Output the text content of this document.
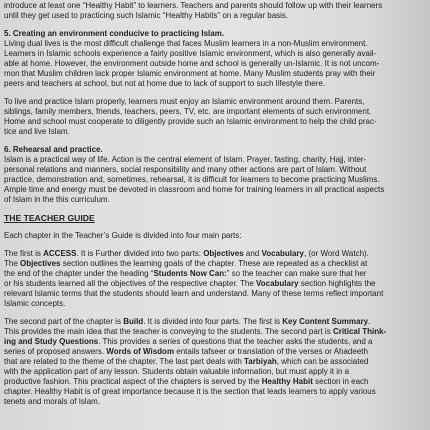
introduce at least one “Healthy Habit” to learners. Teachers and parents should follow up with their learners

until they get used to practicing such Islamic “Healthy Habits” on a regular basis.

5. Creating an environment conducive to practicing Islam.

Living dual lives is the most difficult challenge that faces Muslim learners in a non-Muslim environment.

Learners in Islamic schools experience a fairly positive Islamic environment, which is also generally avail-

able at home. However, the environment outside home and school is generally un-Islamic. It is not uncom-

mon that Muslim children lack proper Islamic environment at home. Many Muslim students pray with their

peers and teachers at school, but not at home due to lack of support to such lifestyle there.

To live and practice Islam properly, learners must enjoy an Islamic environment around them. Parents,

siblings, family members, friends, teachers, peers, TV, etc. are important elements of such environment.

Home and school must cooperate to diligently provide such an Islamic environment to help the child prac-

tice and live Islam.

6. Rehearsal and practice.

Islam is a practical way of life. Action is the central element of Islam. Prayer, fasting, charity, Hajj, inter-

personal relations and manners, social responsibility and many other actions are part of Islam. Without

practice, demonstration and, sometimes, rehearsal, it is difficult for learners to become practicing Muslims.

Ample time and energy must be devoted in classroom and home for training learners in all practical aspects

of Islam in the this curriculum.

THE TEACHER GUIDE

Each chapter in the Teacher’s Guide is divided into four main parts:

The first is ACCESS. It is Further divided into two parts: Objectives and Vocabulary, (or Word Watch).

The Objectives section outlines the learning goals of the chapter. These are repeated as a checklist at

the end of the chapter under the heading “Students Now Can:” so the teacher can make sure that her

or his students learned all the objectives of the respective chapter. The Vocabulary section highlights the

relevant Islamic terms that the students should learn and understand. Many of these terms reflect important

Islamic concepts.

The second part of the chapter is Build. It is divided into four parts. The first is Key Content Summary.

This provides the main idea that the teacher is conveying to the students. The second part is Critical Think-

ing and Study Questions. This provides a series of questions that the teacher asks the students, and a

series of proposed answers. Words of Wisdom entails tafseer or translation of the verses or Ahadeeth

that are related to the theme of the chapter. The last part deals with Tarbiyah, which can be associated

with the application part of any lesson. Students obtain valuable information, but must apply it in a

productive fashion. This practical aspect of the chapters is served by the Healthy Habit section in each

chapter. Healthy Habit is of great importance because it is the section that leads learners to apply various

tenets and morals of Islam.
